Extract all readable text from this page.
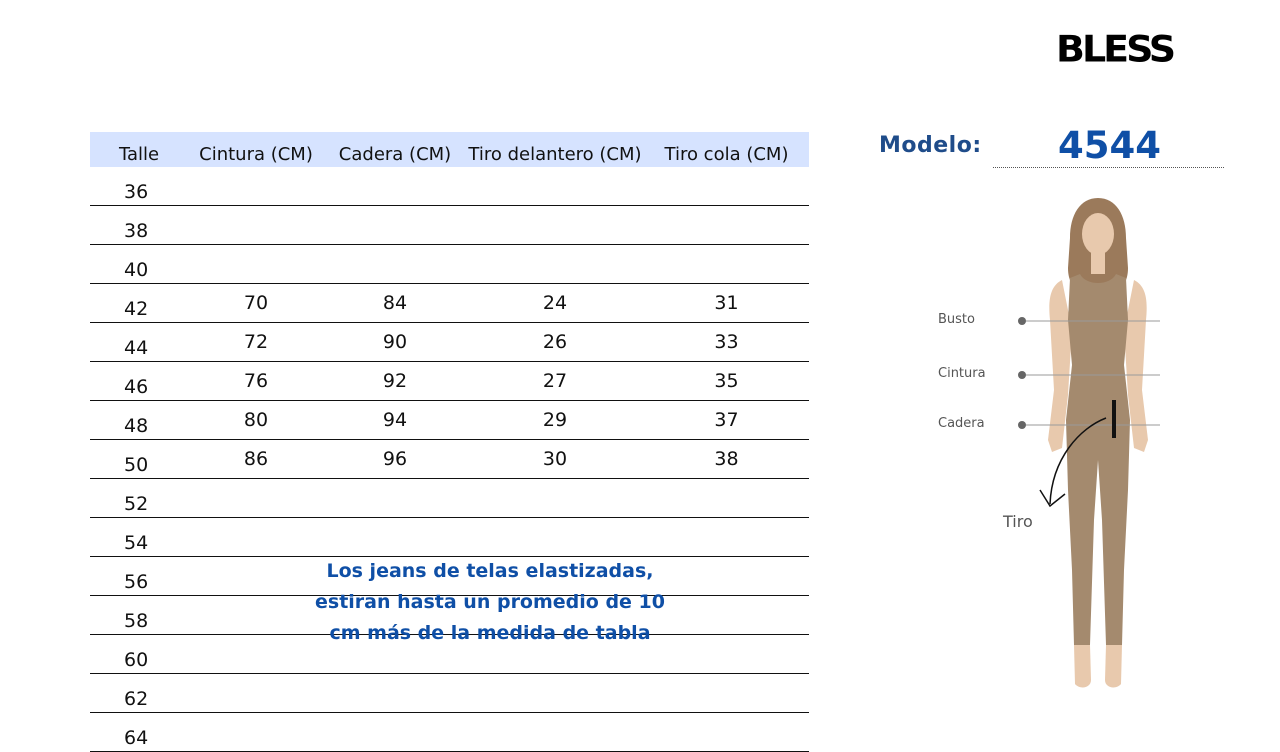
BLESS
Talle	Cintura (CM)	Cadera (CM)	Tiro delantero (CM)	Tiro cola (CM)
36				
38				
40				
42	70	84	24	31
44	72	90	26	33
46	76	92	27	35
48	80	94	29	37
50	86	96	30	38
52				
54				
56				
58				
60				
62				
64				
Los jeans de telas elastizadas,
estiran hasta un promedio de 10
cm más de la medida de tabla
Modelo: 4544
Busto
Cintura
Cadera
Tiro
